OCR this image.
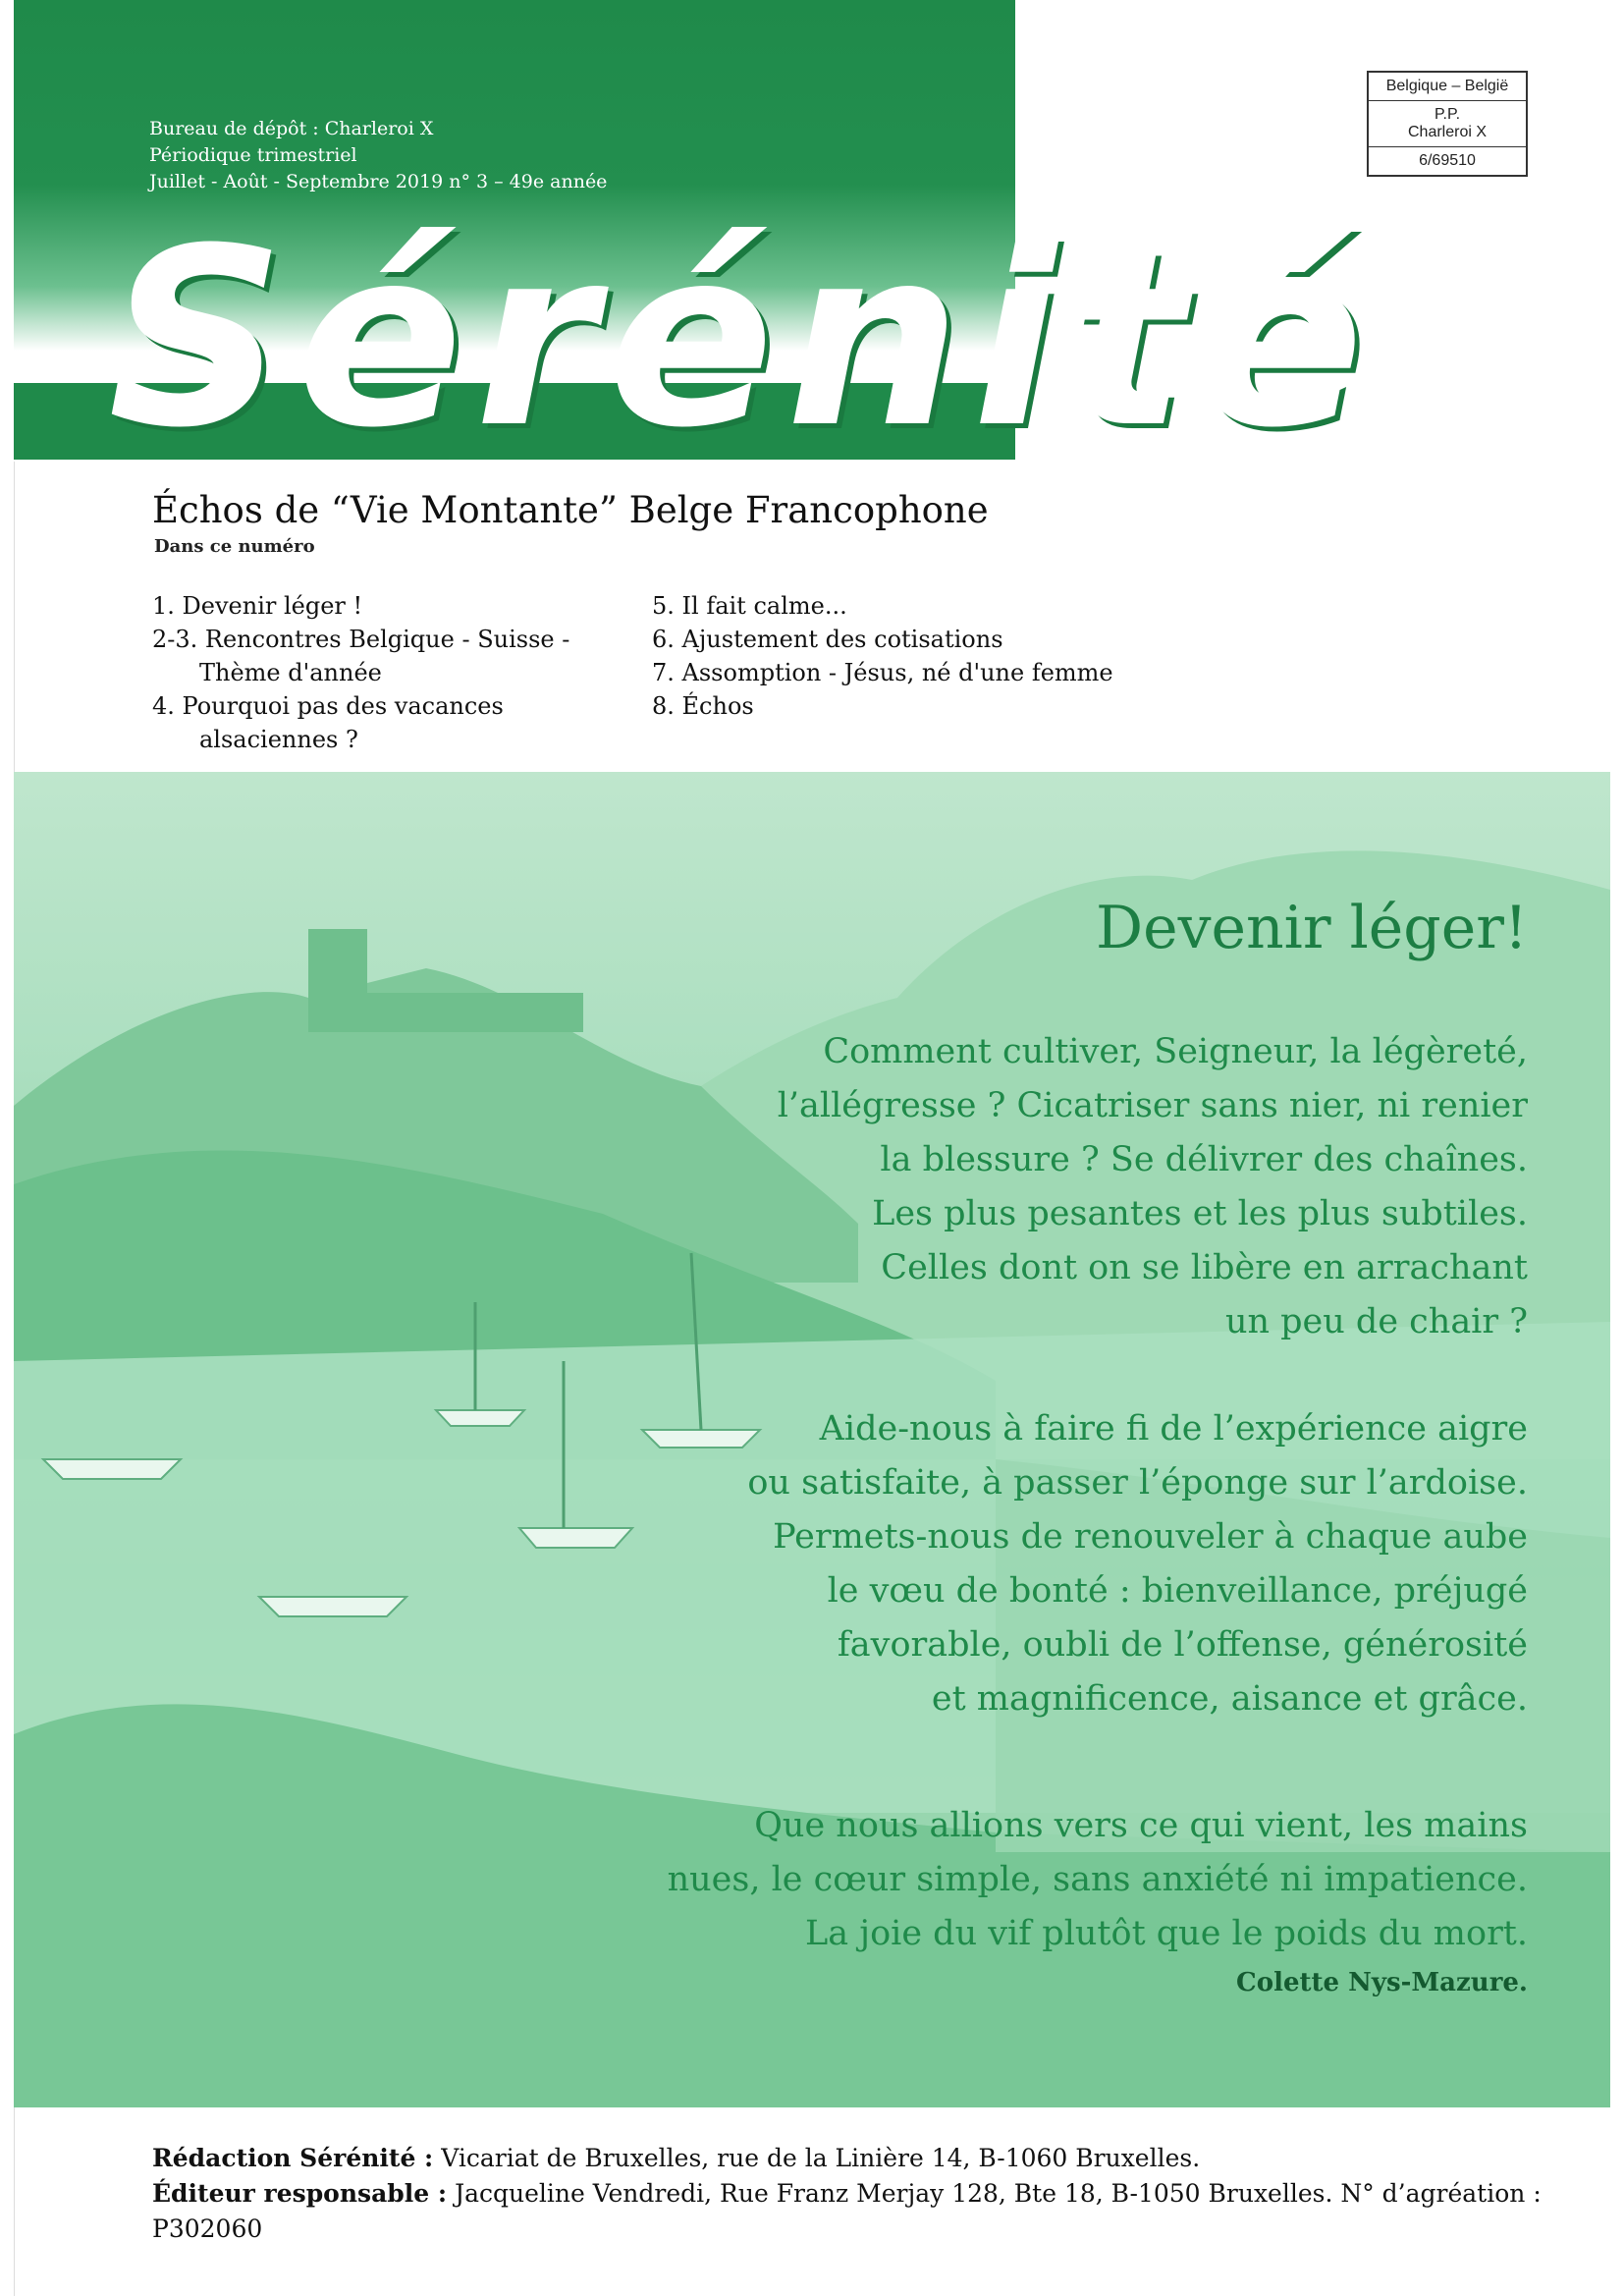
Bureau de dépôt : Charleroi X
Périodique trimestriel
Juillet - Août - Septembre 2019 n° 3 – 49e année
Sérénité
Belgique – België
P.P.
Charleroi X
6/69510
Échos de “Vie Montante” Belge Francophone
Dans ce numéro
1. Devenir léger !
2-3. Rencontres Belgique - Suisse -
Thème d'année
4. Pourquoi pas des vacances
alsaciennes ?
5. Il fait calme...
6. Ajustement des cotisations
7. Assomption - Jésus, né d'une femme
8. Échos
Devenir léger!
Comment cultiver, Seigneur, la légèreté,
l’allégresse ? Cicatriser sans nier, ni renier
la blessure ? Se délivrer des chaînes.
Les plus pesantes et les plus subtiles.
Celles dont on se libère en arrachant
un peu de chair ?
Aide-nous à faire fi de l’expérience aigre
ou satisfaite, à passer l’éponge sur l’ardoise.
Permets-nous de renouveler à chaque aube
le vœu de bonté : bienveillance, préjugé
favorable, oubli de l’offense, générosité
et magnificence, aisance et grâce.
Que nous allions vers ce qui vient, les mains
nues, le cœur simple, sans anxiété ni impatience.
La joie du vif plutôt que le poids du mort.
Colette Nys-Mazure.
Rédaction Sérénité : Vicariat de Bruxelles, rue de la Linière 14, B-1060 Bruxelles.
Éditeur responsable : Jacqueline Vendredi, Rue Franz Merjay 128, Bte 18, B-1050 Bruxelles. N° d’agréation :
P302060
